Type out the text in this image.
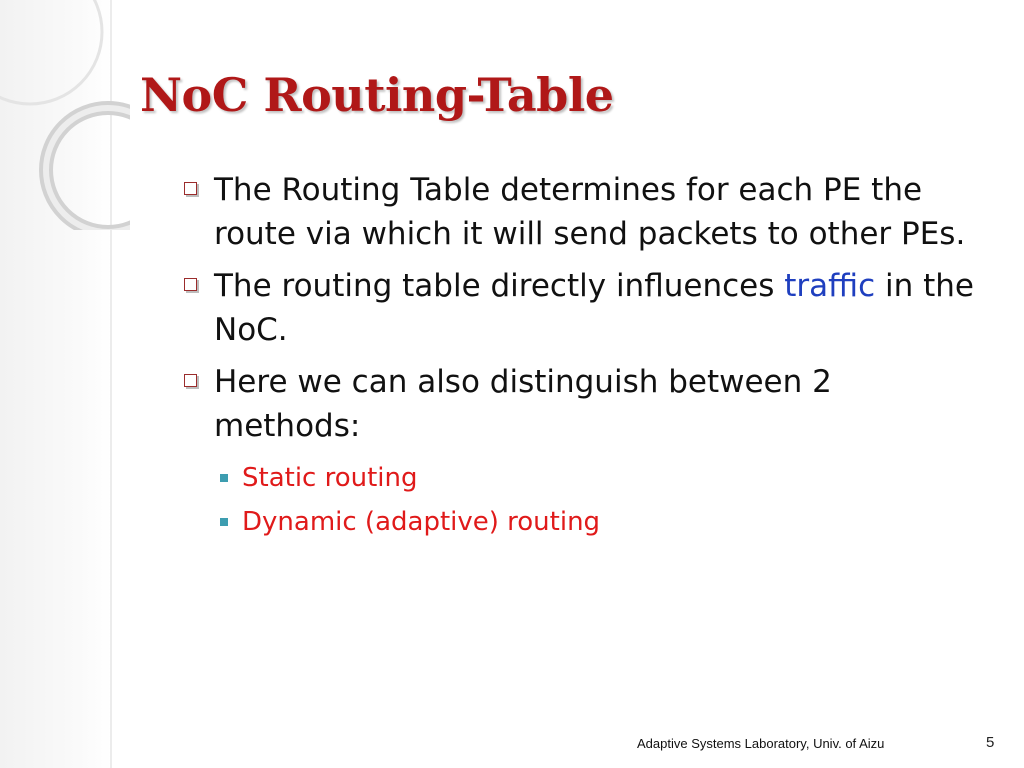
NoC Routing-Table
The Routing Table determines for each PE the route via which it will send packets to other PEs.
The routing table directly influences traffic in the NoC.
Here we can also distinguish between 2 methods:
Static routing
Dynamic (adaptive) routing
Adaptive Systems Laboratory, Univ. of Aizu	5
